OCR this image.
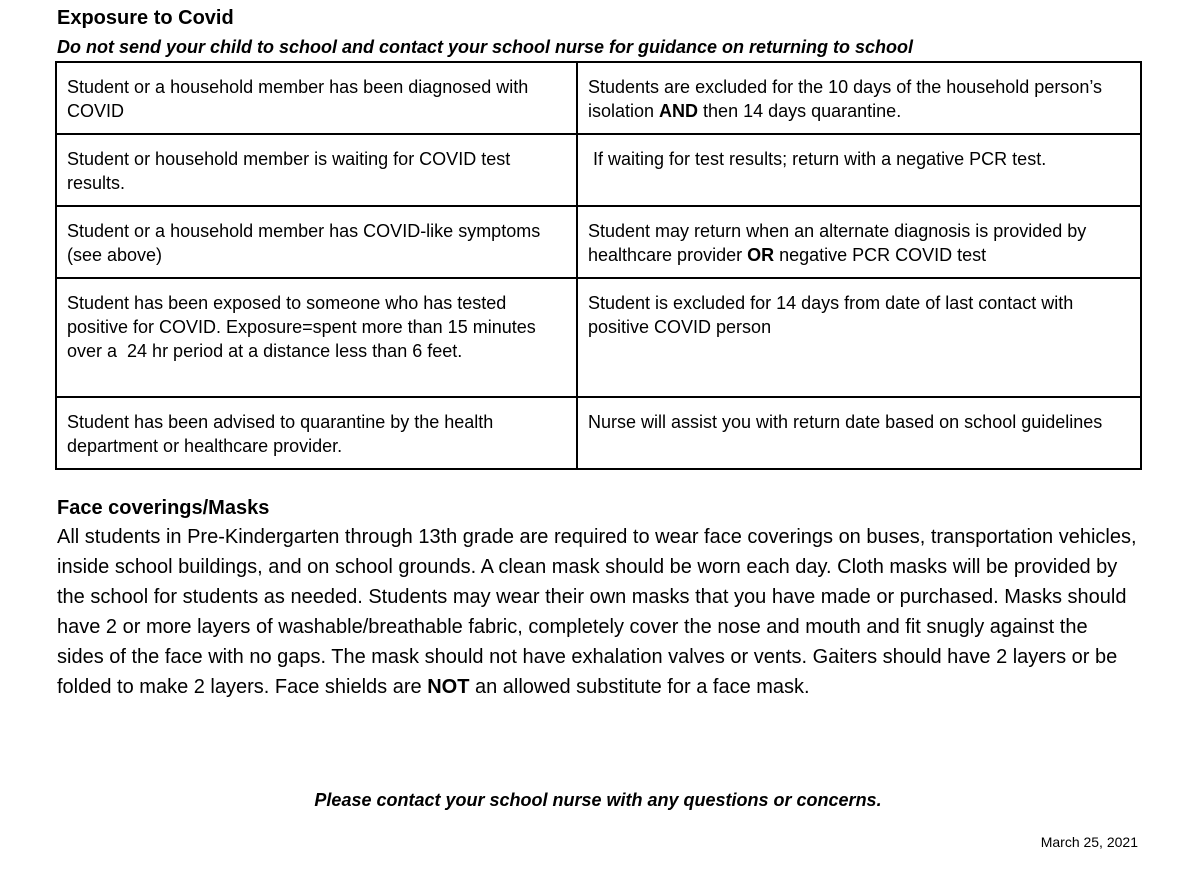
Exposure to Covid

Do not send your child to school and contact your school nurse for guidance on returning to school

Student or a household member has been diagnosed with COVID	Students are excluded for the 10 days of the household person’s isolation AND then 14 days quarantine.
Student or household member is waiting for COVID test results.	If waiting for test results; return with a negative PCR test.
Student or a household member has COVID-like symptoms (see above)	Student may return when an alternate diagnosis is provided by healthcare provider OR negative PCR COVID test
Student has been exposed to someone who has tested positive for COVID. Exposure=spent more than 15 minutes over a  24 hr period at a distance less than 6 feet.	Student is excluded for 14 days from date of last contact with positive COVID person
Student has been advised to quarantine by the health department or healthcare provider.	Nurse will assist you with return date based on school guidelines
Face coverings/Masks

All students in Pre-Kindergarten through 13th grade are required to wear face coverings on buses, transportation vehicles, inside school buildings, and on school grounds. A clean mask should be worn each day. Cloth masks will be provided by the school for students as needed. Students may wear their own masks that you have made or purchased. Masks should have 2 or more layers of washable/breathable fabric, completely cover the nose and mouth and fit snugly against the sides of the face with no gaps. The mask should not have exhalation valves or vents. Gaiters should have 2 layers or be folded to make 2 layers. Face shields are NOT an allowed substitute for a face mask.

Please contact your school nurse with any questions or concerns.

March 25, 2021
